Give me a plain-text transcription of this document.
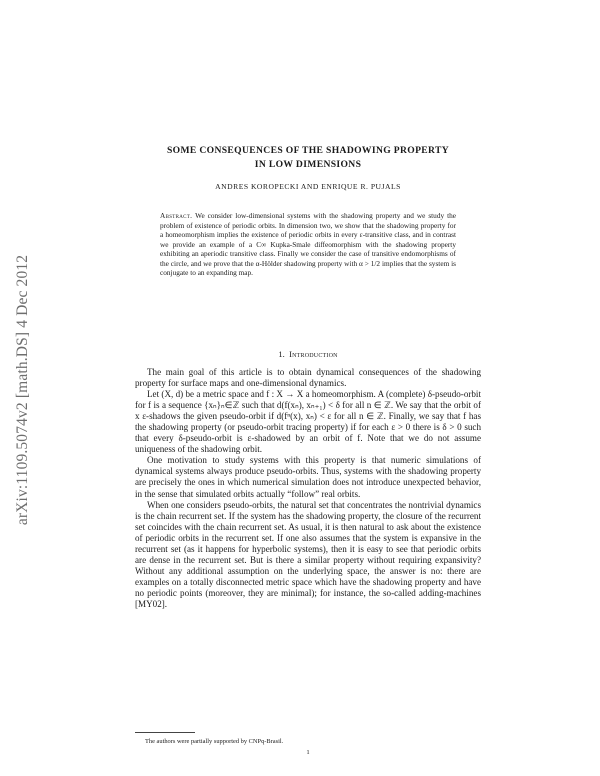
arXiv:1109.5074v2 [math.DS] 4 Dec 2012
SOME CONSEQUENCES OF THE SHADOWING PROPERTY
IN LOW DIMENSIONS
ANDRES KOROPECKI AND ENRIQUE R. PUJALS
Abstract. We consider low-dimensional systems with the shadowing property and we study the problem of existence of periodic orbits. In dimension two, we show that the shadowing property for a homeomorphism implies the existence of periodic orbits in every ε-transitive class, and in contrast we provide an example of a C∞ Kupka-Smale diffeomorphism with the shadowing property exhibiting an aperiodic transitive class. Finally we consider the case of transitive endomorphisms of the circle, and we prove that the α-Hölder shadowing property with α > 1/2 implies that the system is conjugate to an expanding map.
1. Introduction

The main goal of this article is to obtain dynamical consequences of the shadowing property for surface maps and one-dimensional dynamics.

Let (X, d) be a metric space and f : X → X a homeomorphism. A (complete) δ-pseudo-orbit for f is a sequence {xₙ}ₙ∈ℤ such that d(f(xₙ), xₙ₊₁) < δ for all n ∈ ℤ. We say that the orbit of x ε-shadows the given pseudo-orbit if d(fⁿ(x), xₙ) < ε for all n ∈ ℤ. Finally, we say that f has the shadowing property (or pseudo-orbit tracing property) if for each ε > 0 there is δ > 0 such that every δ-pseudo-orbit is ε-shadowed by an orbit of f. Note that we do not assume uniqueness of the shadowing orbit.

One motivation to study systems with this property is that numeric simulations of dynamical systems always produce pseudo-orbits. Thus, systems with the shadowing property are precisely the ones in which numerical simulation does not introduce unexpected behavior, in the sense that simulated orbits actually “follow” real orbits.

When one considers pseudo-orbits, the natural set that concentrates the nontrivial dynamics is the chain recurrent set. If the system has the shadowing property, the closure of the recurrent set coincides with the chain recurrent set. As usual, it is then natural to ask about the existence of periodic orbits in the recurrent set. If one also assumes that the system is expansive in the recurrent set (as it happens for hyperbolic systems), then it is easy to see that periodic orbits are dense in the recurrent set. But is there a similar property without requiring expansivity? Without any additional assumption on the underlying space, the answer is no: there are examples on a totally disconnected metric space which have the shadowing property and have no periodic points (moreover, they are minimal); for instance, the so-called adding-machines [MY02].

The authors were partially supported by CNPq-Brasil.
1
